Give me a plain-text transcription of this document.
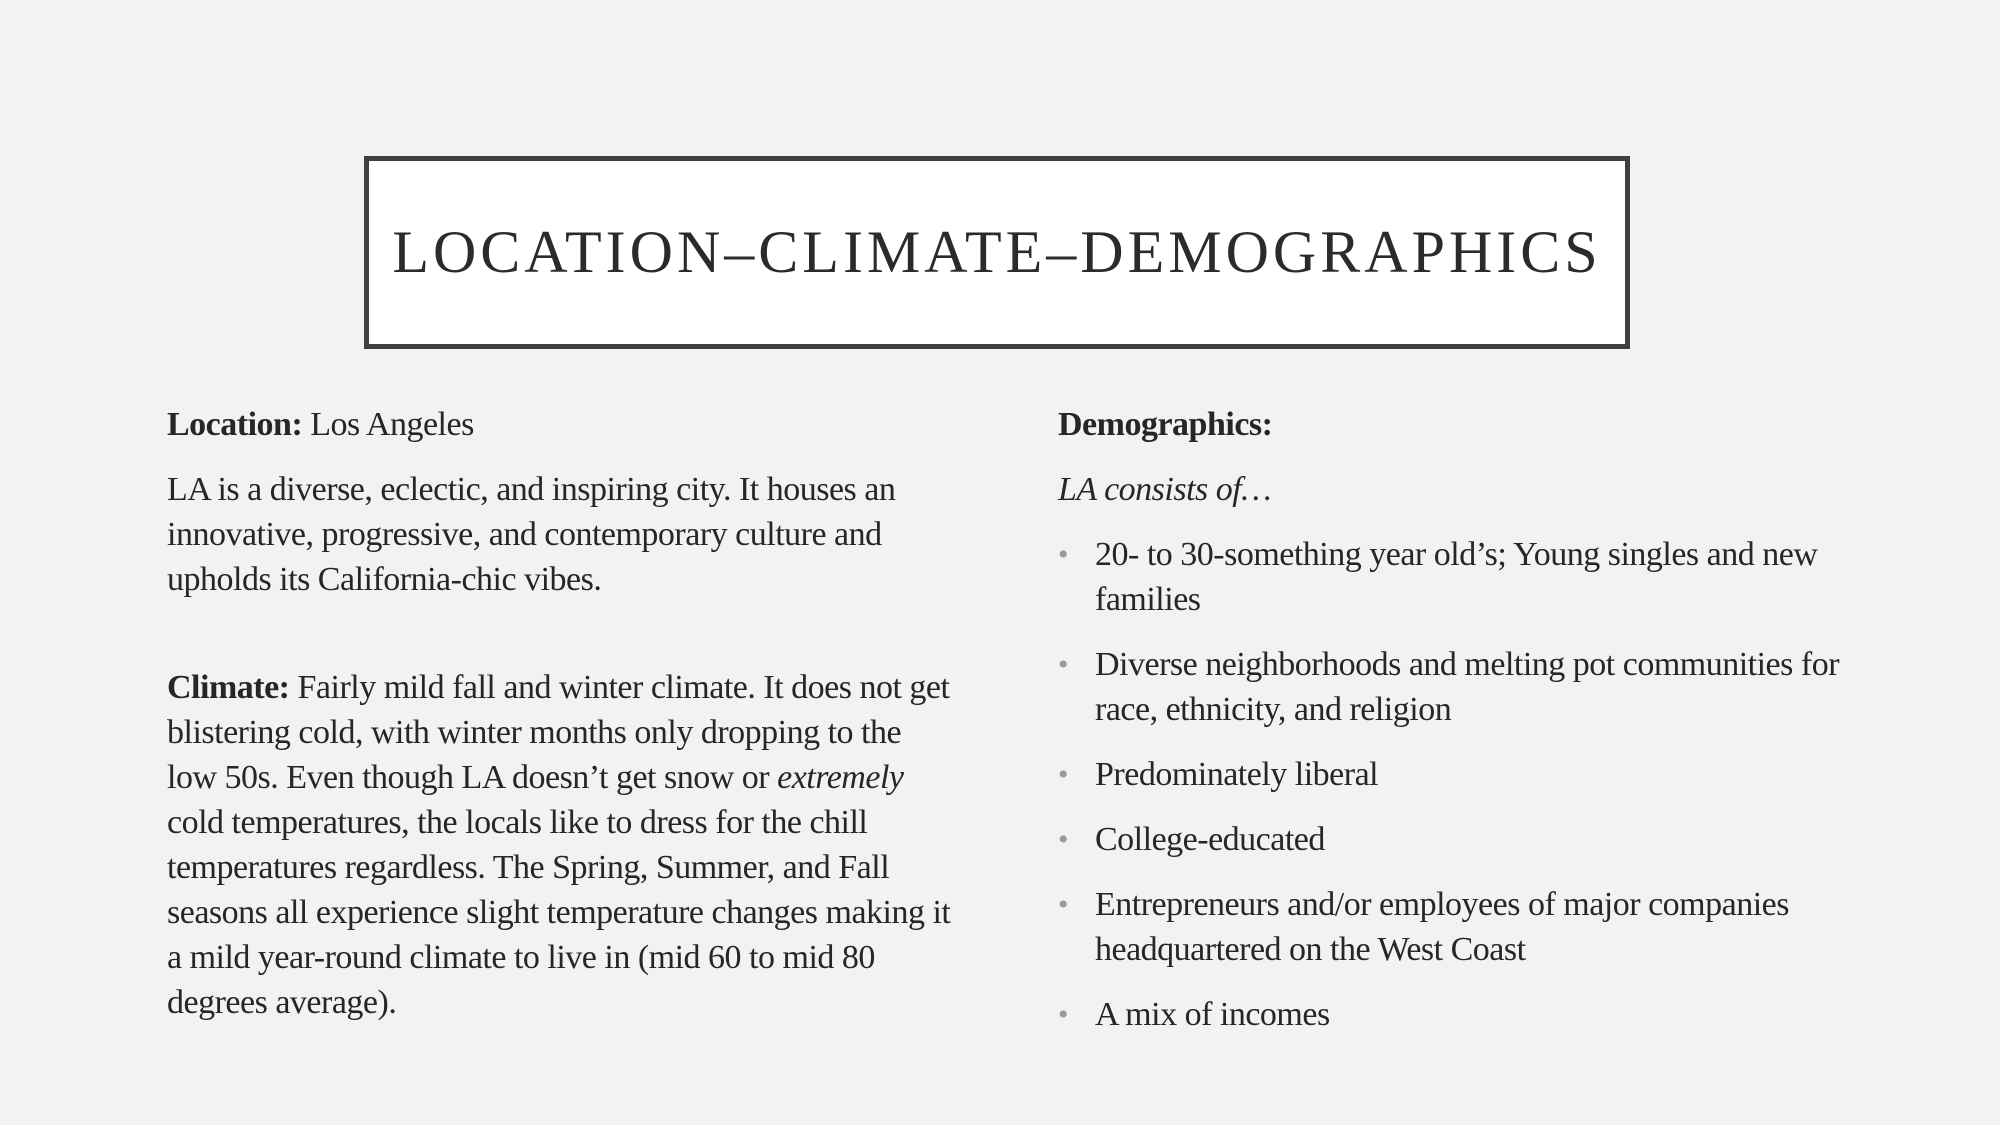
LOCATION–CLIMATE–DEMOGRAPHICS

Location: Los Angeles

LA is a diverse, eclectic, and inspiring city. It houses an innovative, progressive, and contemporary culture and upholds its California-chic vibes.

Climate: Fairly mild fall and winter climate. It does not get blistering cold, with winter months only dropping to the low 50s. Even though LA doesn’t get snow or extremely cold temperatures, the locals like to dress for the chill temperatures regardless. The Spring, Summer, and Fall seasons all experience slight temperature changes making it a mild year-round climate to live in (mid 60 to mid 80 degrees average).

Demographics:

LA consists of…

• 20- to 30-something year old’s; Young singles and new families
• Diverse neighborhoods and melting pot communities for race, ethnicity, and religion
• Predominately liberal
• College-educated
• Entrepreneurs and/or employees of major companies headquartered on the West Coast
• A mix of incomes
